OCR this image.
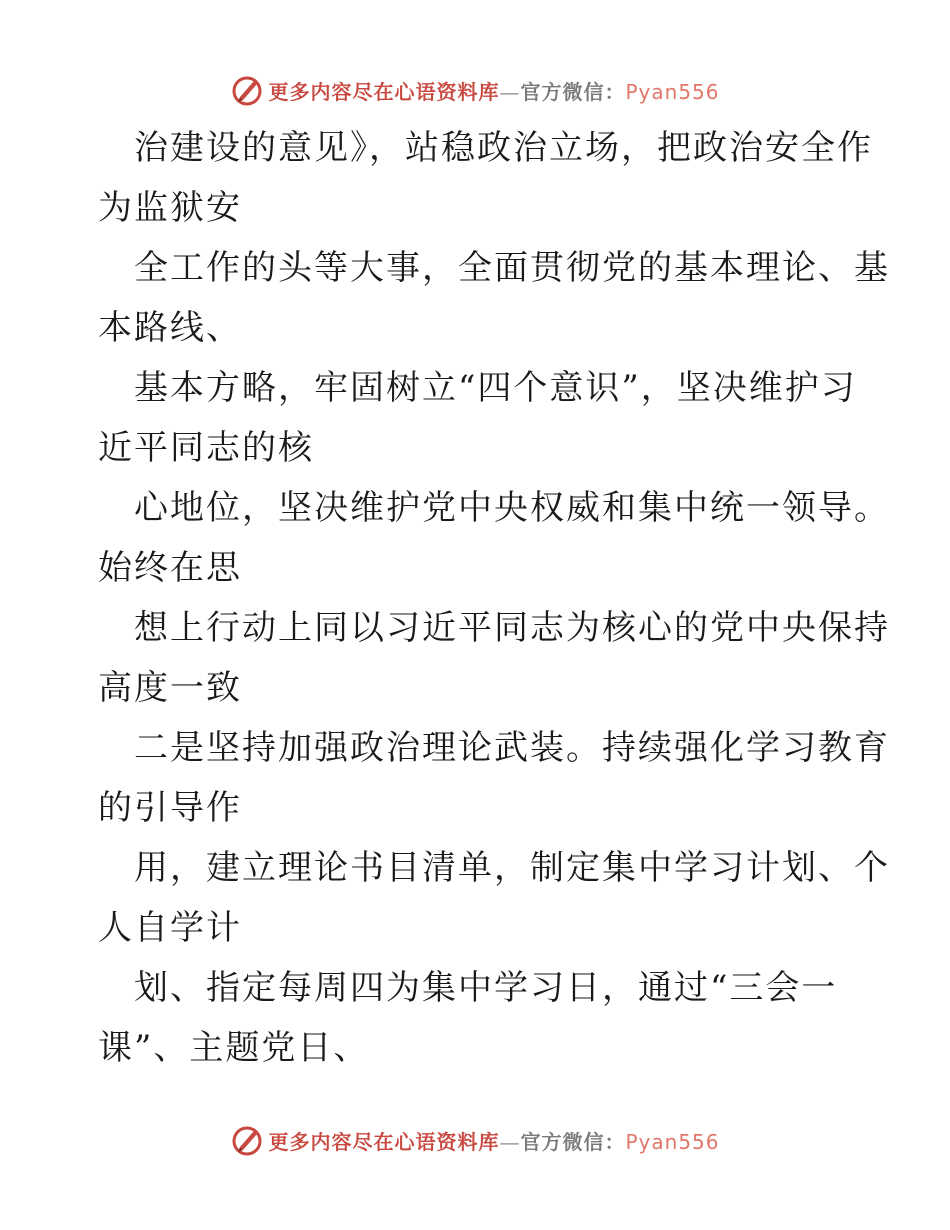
更多内容尽在心语资料库—官方微信：Pyan556
治建设的意见》，站稳政治立场，把政治安全作
为监狱安
全工作的头等大事，全面贯彻党的基本理论、基
本路线、
基本方略，牢固树立“四个意识”，坚决维护习
近平同志的核
心地位，坚决维护党中央权威和集中统一领导。
始终在思
想上行动上同以习近平同志为核心的党中央保持
高度一致
二是坚持加强政治理论武装。持续强化学习教育
的引导作
用，建立理论书目清单，制定集中学习计划、个
人自学计
划、指定每周四为集中学习日，通过“三会一
课”、主题党日、
更多内容尽在心语资料库—官方微信：Pyan556
